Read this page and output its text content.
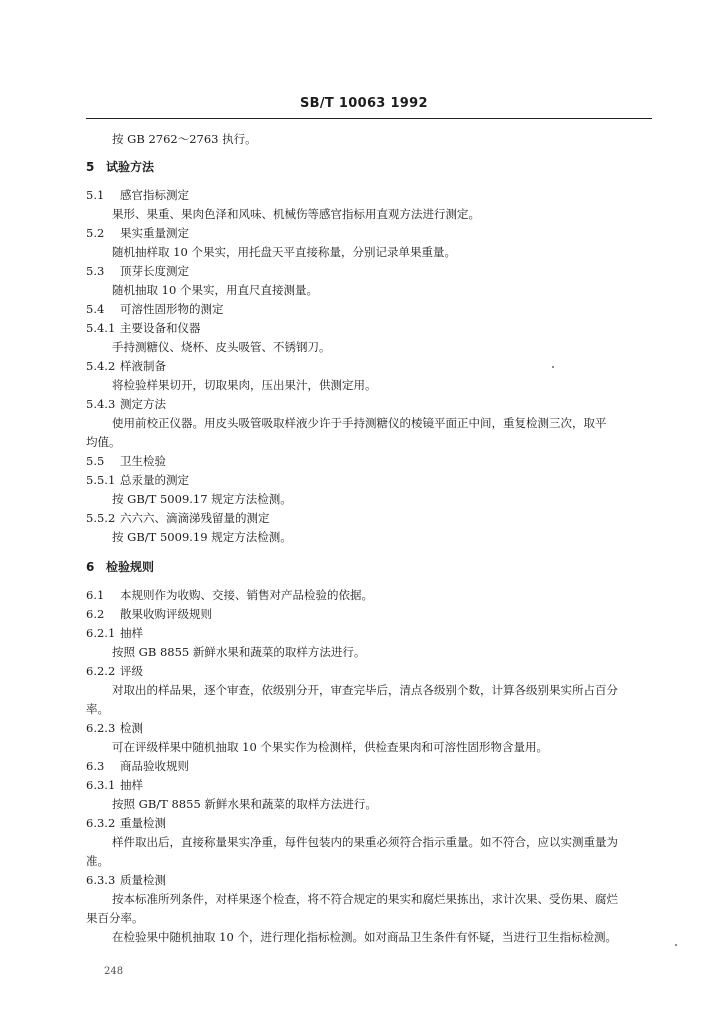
SB/T 10063 1992
按 GB 2762～2763 执行。
5 试验方法
5.1 感官指标测定
果形、果重、果肉色泽和风味、机械伤等感官指标用直观方法进行测定。
5.2 果实重量测定
随机抽样取 10 个果实，用托盘天平直接称量，分别记录单果重量。
5.3 顶芽长度测定
随机抽取 10 个果实，用直尺直接测量。
5.4 可溶性固形物的测定
5.4.1 主要设备和仪器
手持测糖仪、烧杯、皮头吸管、不锈钢刀。
5.4.2 样液制备
将检验样果切开，切取果肉，压出果汁，供测定用。
5.4.3 测定方法
使用前校正仪器。用皮头吸管吸取样液少许于手持测糖仪的棱镜平面正中间，重复检测三次，取平
均值。
5.5 卫生检验
5.5.1 总汞量的测定
按 GB/T 5009.17 规定方法检测。
5.5.2 六六六、滴滴涕残留量的测定
按 GB/T 5009.19 规定方法检测。
6 检验规则
6.1 本规则作为收购、交接、销售对产品检验的依据。
6.2 散果收购评级规则
6.2.1 抽样
按照 GB 8855 新鲜水果和蔬菜的取样方法进行。
6.2.2 评级
对取出的样品果，逐个审查，依级别分开，审查完毕后，清点各级别个数，计算各级别果实所占百分
率。
6.2.3 检测
可在评级样果中随机抽取 10 个果实作为检测样，供检查果肉和可溶性固形物含量用。
6.3 商品验收规则
6.3.1 抽样
按照 GB/T 8855 新鲜水果和蔬菜的取样方法进行。
6.3.2 重量检测
样件取出后，直接称量果实净重，每件包装内的果重必须符合指示重量。如不符合，应以实测重量为
准。
6.3.3 质量检测
按本标准所列条件，对样果逐个检查，将不符合规定的果实和腐烂果拣出，求计次果、受伤果、腐烂
果百分率。
在检验果中随机抽取 10 个，进行理化指标检测。如对商品卫生条件有怀疑，当进行卫生指标检测。
248
